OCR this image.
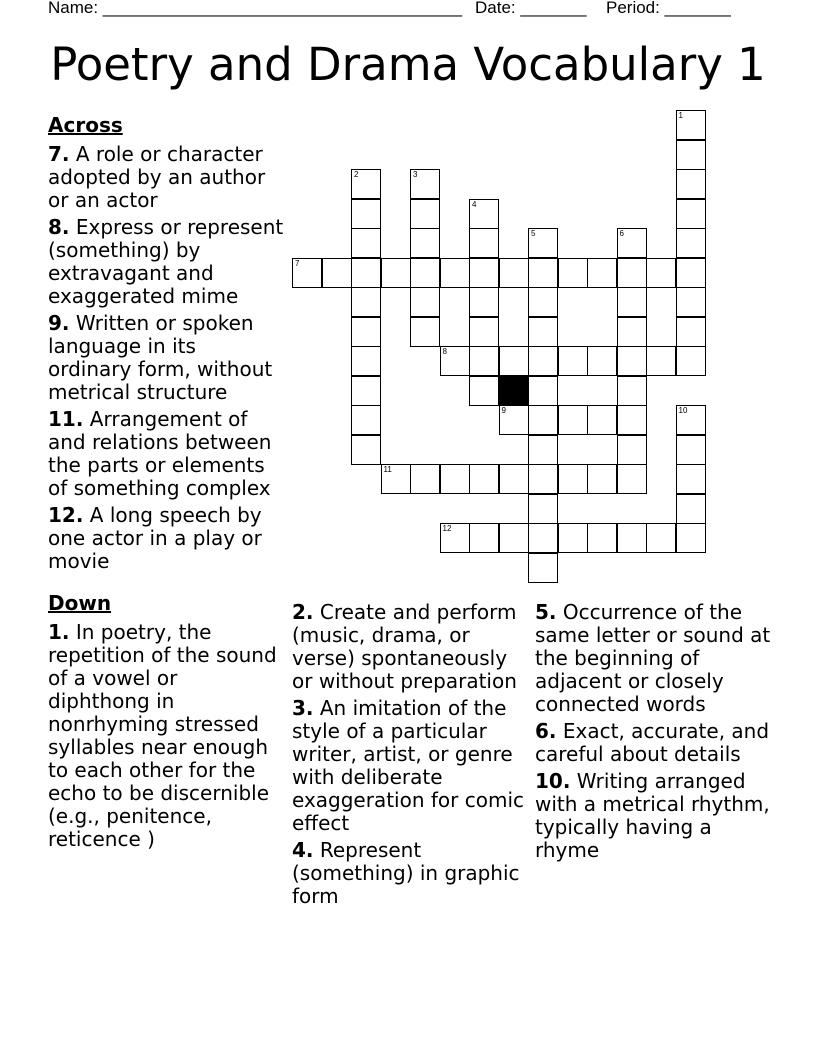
Name: ______________________________________ Date: _______ Period: _______
Poetry and Drama Vocabulary 1
1
2	3
4
5	6
7
8
9	10
11
12
Across
7. A role or character adopted by an author or an actor
8. Express or represent (something) by extravagant and exaggerated mime
9. Written or spoken language in its ordinary form, without metrical structure
11. Arrangement of and relations between the parts or elements of something complex
12. A long speech by one actor in a play or movie
Down
1. In poetry, the repetition of the sound of a vowel or diphthong in nonrhyming stressed syllables near enough to each other for the echo to be discernible (e.g., penitence, reticence )
2. Create and perform (music, drama, or verse) spontaneously or without preparation
3. An imitation of the style of a particular writer, artist, or genre with deliberate exaggeration for comic effect
4. Represent (something) in graphic form
5. Occurrence of the same letter or sound at the beginning of adjacent or closely connected words
6. Exact, accurate, and careful about details
10. Writing arranged with a metrical rhythm, typically having a rhyme
